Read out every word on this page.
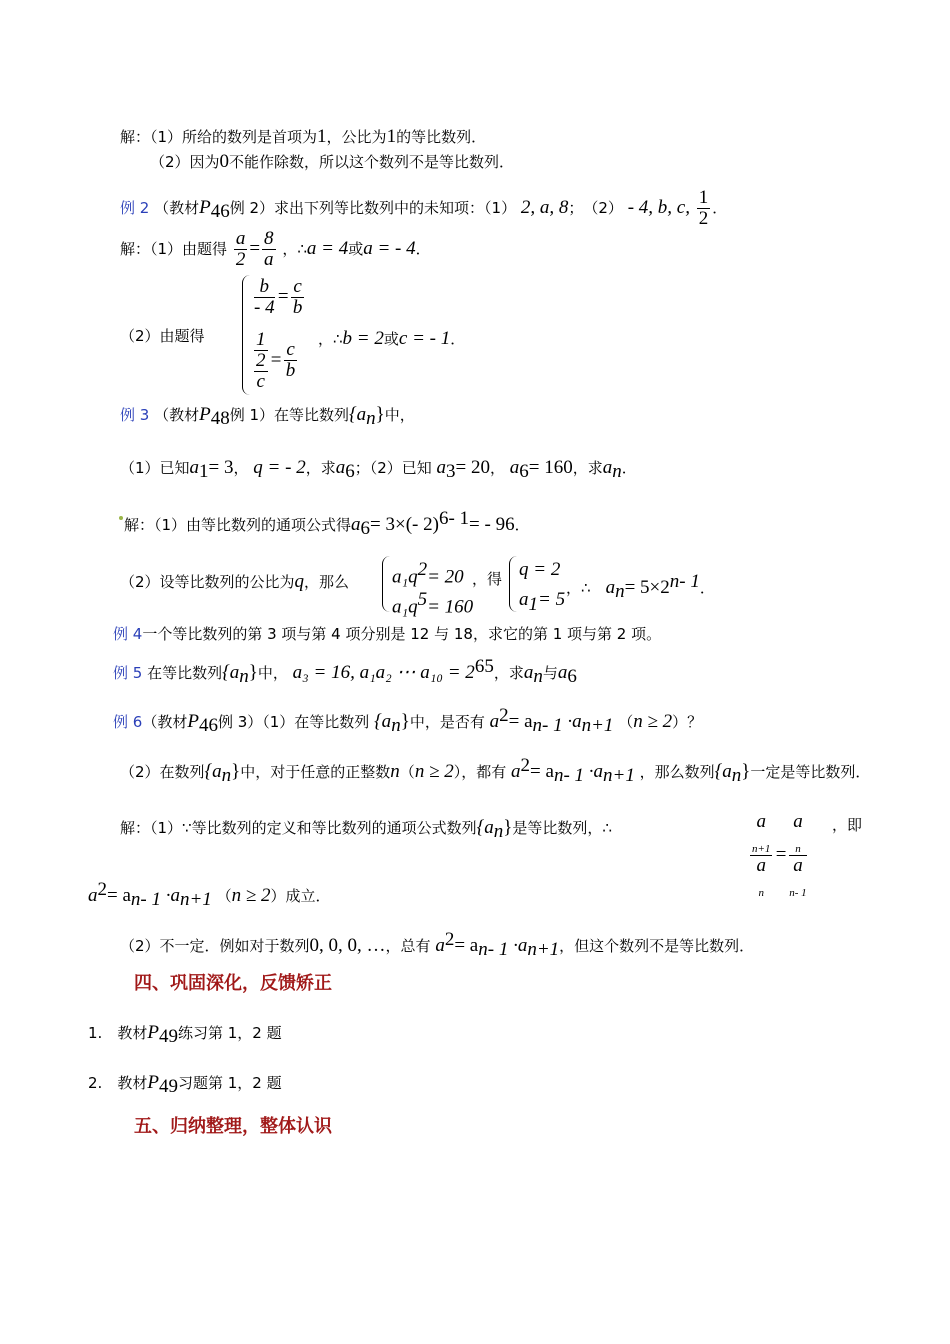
解：（1）所给的数列是首项为1，公比为1的等比数列．
（2）因为0不能作除数，所以这个数列不是等比数列．
例 2 （教材$P_{46}$例 2）求出下列等比数列中的未知项：（1） 2, a, 8；　（2） - 4, b, c, $\frac{1}{2}$ ．
解：（1）由题得 $\frac{a}{2} = \frac{8}{a}$ ，∴a = 4或a = - 4．
（2）由题得
$\frac{b}{- 4} = \frac{c}{b}$
1
2
c
= $\frac{c}{b}$
，∴b = 2或c = - 1．
例 3 （教材$P_{48}$例 1）在等比数列$\{a_n\}$中，
（1）已知$a_1= 3$， q = - 2，求$a_6$；（2）已知 $a_3= 20$， $a_6= 160$，求$a_n$．
解：（1）由等比数列的通项公式得$a_6= 3\times(-$ 2)$^{6- 1}$= - 96．
（2）设等比数列的公比为q，那么 $a_1q^2= 20$
$a_1q^5= 160$
，得 q = 2
$a_1= 5$
，∴　 $a_n= 5\times 2^{n- 1}$．
例 4一个等比数列的第 3 项与第 4 项分别是 12 与 18，求它的第 1 项与第 2 项。
例 5 在等比数列$\{a_n\}$中， a₃ = 16, a₁a₂ ⋯ $a_{10} = 2^{65}$，求$a_n$与$a_6$
例 6（教材$P_{46}$例 3）（1）在等比数列 $\{a_n\}$中，是否有 $a^2= a_{n- 1} \cdot a_{n+1}$ （n ≥ 2）？
（2）在数列$\{a_n\}$中，对于任意的正整数n（n ≥ 2），都有 $a^2= a_{n- 1} \cdot a_{n+1}$ ，那么数列$\{a_n\}$一定是等比数列．
解：（1）∵等比数列的定义和等比数列的通项公式数列$\{a_n\}$是等比数列，∴	a
$_{n+1}$
a
$_n$ = a
$_n$
a
$_{n- 1}$ ，即
$a^2= a_{n- 1} \cdot a_{n+1}$ （n ≥ 2）成立．
（2）不一定．例如对于数列0, 0, 0, …，总有 $a^2= a_{n- 1} \cdot a_{n+1}$，但这个数列不是等比数列．
四、巩固深化，反馈矫正
1.　 教材$P_{49}$练习第 1，2 题
2.　 教材$P_{49}$习题第 1，2 题
五、归纳整理，整体认识
